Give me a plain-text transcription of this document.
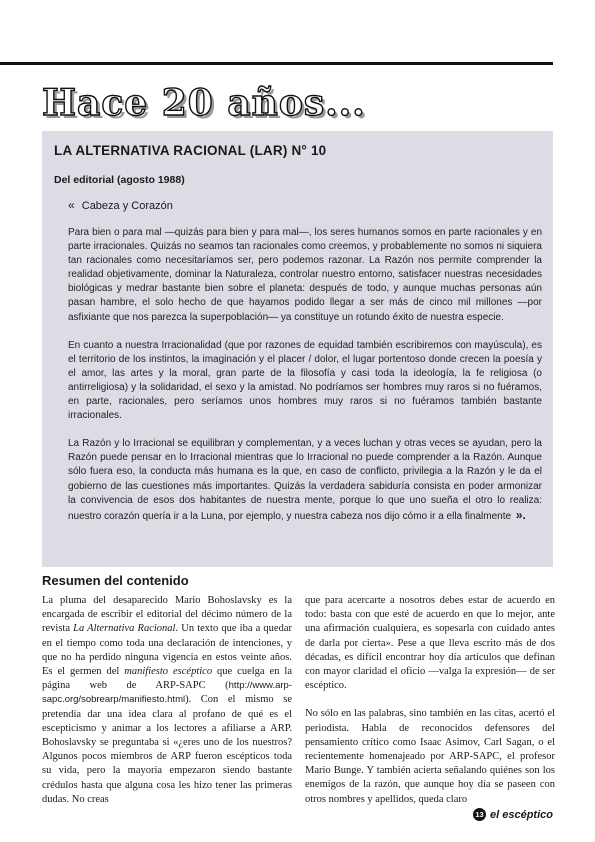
Hace 20 años...
LA ALTERNATIVA RACIONAL (LAR) N° 10
Del editorial (agosto 1988)
« Cabeza y Corazón

Para bien o para mal —quizás para bien y para mal—, los seres humanos somos en parte racionales y en parte irracionales. Quizás no seamos tan racionales como creemos, y probablemente no somos ni siquiera tan racionales como necesitaríamos ser, pero podemos razonar. La Razón nos permite comprender la realidad objetivamente, dominar la Naturaleza, controlar nuestro entorno, satisfacer nuestras necesidades biológicas y medrar bastante bien sobre el planeta: después de todo, y aunque muchas personas aún pasan hambre, el solo hecho de que hayamos podido llegar a ser más de cinco mil millones —por asfixiante que nos parezca la superpoblación— ya constituye un rotundo éxito de nuestra especie.

En cuanto a nuestra Irracionalidad (que por razones de equidad también escribiremos con mayúscula), es el territorio de los instintos, la imaginación y el placer / dolor, el lugar portentoso donde crecen la poesía y el amor, las artes y la moral, gran parte de la filosofía y casi toda la ideología, la fe religiosa (o antirreligiosa) y la solidaridad, el sexo y la amistad. No podríamos ser hombres muy raros si no fuéramos, en parte, racionales, pero seríamos unos hombres muy raros si no fuéramos también bastante irracionales.

La Razón y lo Irracional se equilibran y complementan, y a veces luchan y otras veces se ayudan, pero la Razón puede pensar en lo Irracional mientras que lo Irracional no puede comprender a la Razón. Aunque sólo fuera eso, la conducta más humana es la que, en caso de conflicto, privilegia a la Razón y le da el gobierno de las cuestiones más importantes. Quizás la verdadera sabiduría consista en poder armonizar la convivencia de esos dos habitantes de nuestra mente, porque lo que uno sueña el otro lo realiza: nuestro corazón quería ir a la Luna, por ejemplo, y nuestra cabeza nos dijo cómo ir a ella finalmente ».

Resumen del contenido

La pluma del desaparecido Mario Bohoslavsky es la encargada de escribir el editorial del décimo número de la revista La Alternativa Racional. Un texto que iba a quedar en el tiempo como toda una declaración de intenciones, y que no ha perdido ninguna vigencia en estos veinte años. Es el germen del manifiesto escéptico que cuelga en la página web de ARP-SAPC (http://www.arp-sapc.org/sobrearp/manifiesto.html). Con el mismo se pretendía dar una idea clara al profano de qué es el escepticismo y animar a los lectores a afiliarse a ARP. Bohoslavsky se preguntaba si «¿eres uno de los nuestros? Algunos pocos miembros de ARP fueron escépticos toda su vida, pero la mayoría empezaron siendo bastante crédulos hasta que alguna cosa les hizo tener las primeras dudas. No creas

que para acercarte a nosotros debes estar de acuerdo en todo: basta con que esté de acuerdo en que lo mejor, ante una afirmación cualquiera, es sopesarla con cuidado antes de darla por cierta». Pese a que lleva escrito más de dos décadas, es difícil encontrar hoy día artículos que definan con mayor claridad el oficio —valga la expresión— de ser escéptico.

No sólo en las palabras, sino también en las citas, acertó el periodista. Habla de reconocidos defensores del pensamiento crítico como Isaac Asimov, Carl Sagan, o el recientemente homenajeado por ARP-SAPC, el profesor Mario Bunge. Y también acierta señalando quiénes son los enemigos de la razón, que aunque hoy día se paseen con otros nombres y apellidos, queda claro

13 el escéptico
